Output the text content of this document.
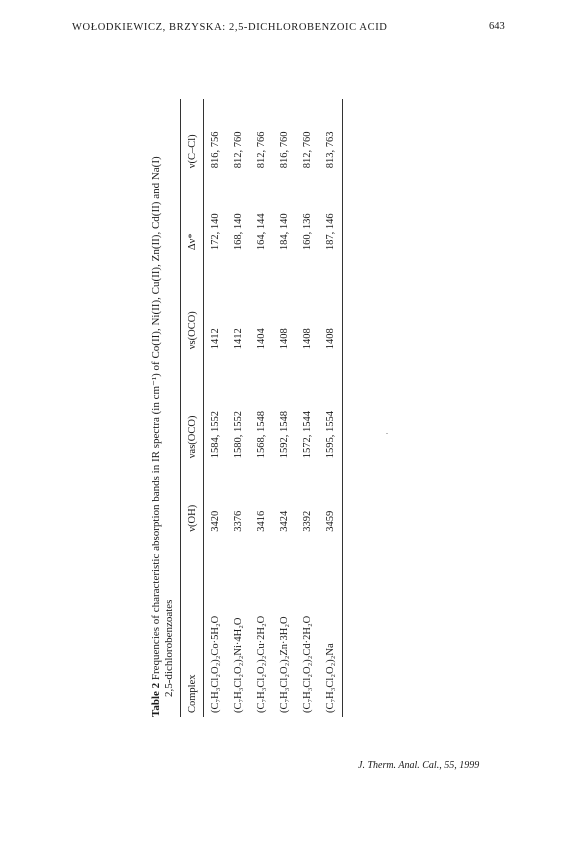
WOŁODKIEWICZ, BRZYSKA: 2,5-DICHLOROBENZOIC ACID	643
Table 2 Frequencies of characteristic absorption bands in IR spectra (in cm⁻¹) of Co(II), Ni(II), Cu(II), Zn(II), Cd(II) and Na(I) 2,5-dichlorobenzoates Complex	ν(OH)	νas(OCO)	νs(OCO)	Δν*	ν(C–Cl)
(C₇H₃Cl₂O₂)₂Co·5H₂O	3420	1584, 1552	1412	172, 140	816, 756
(C₇H₃Cl₂O₂)₂Ni·4H₂O	3376	1580, 1552	1412	168, 140	812, 760
(C₇H₃Cl₂O₂)₂Cu·2H₂O	3416	1568, 1548	1404	164, 144	812, 766
(C₇H₃Cl₂O₂)₂Zn·3H₂O	3424	1592, 1548	1408	184, 140	816, 760
(C₇H₃Cl₂O₂)₂Cd·2H₂O	3392	1572, 1544	1408	160, 136	812, 760
(C₇H₃Cl₂O₂)₂Na	3459	1595, 1554	1408	187, 146	813, 763
J. Therm. Anal. Cal., 55, 1999
